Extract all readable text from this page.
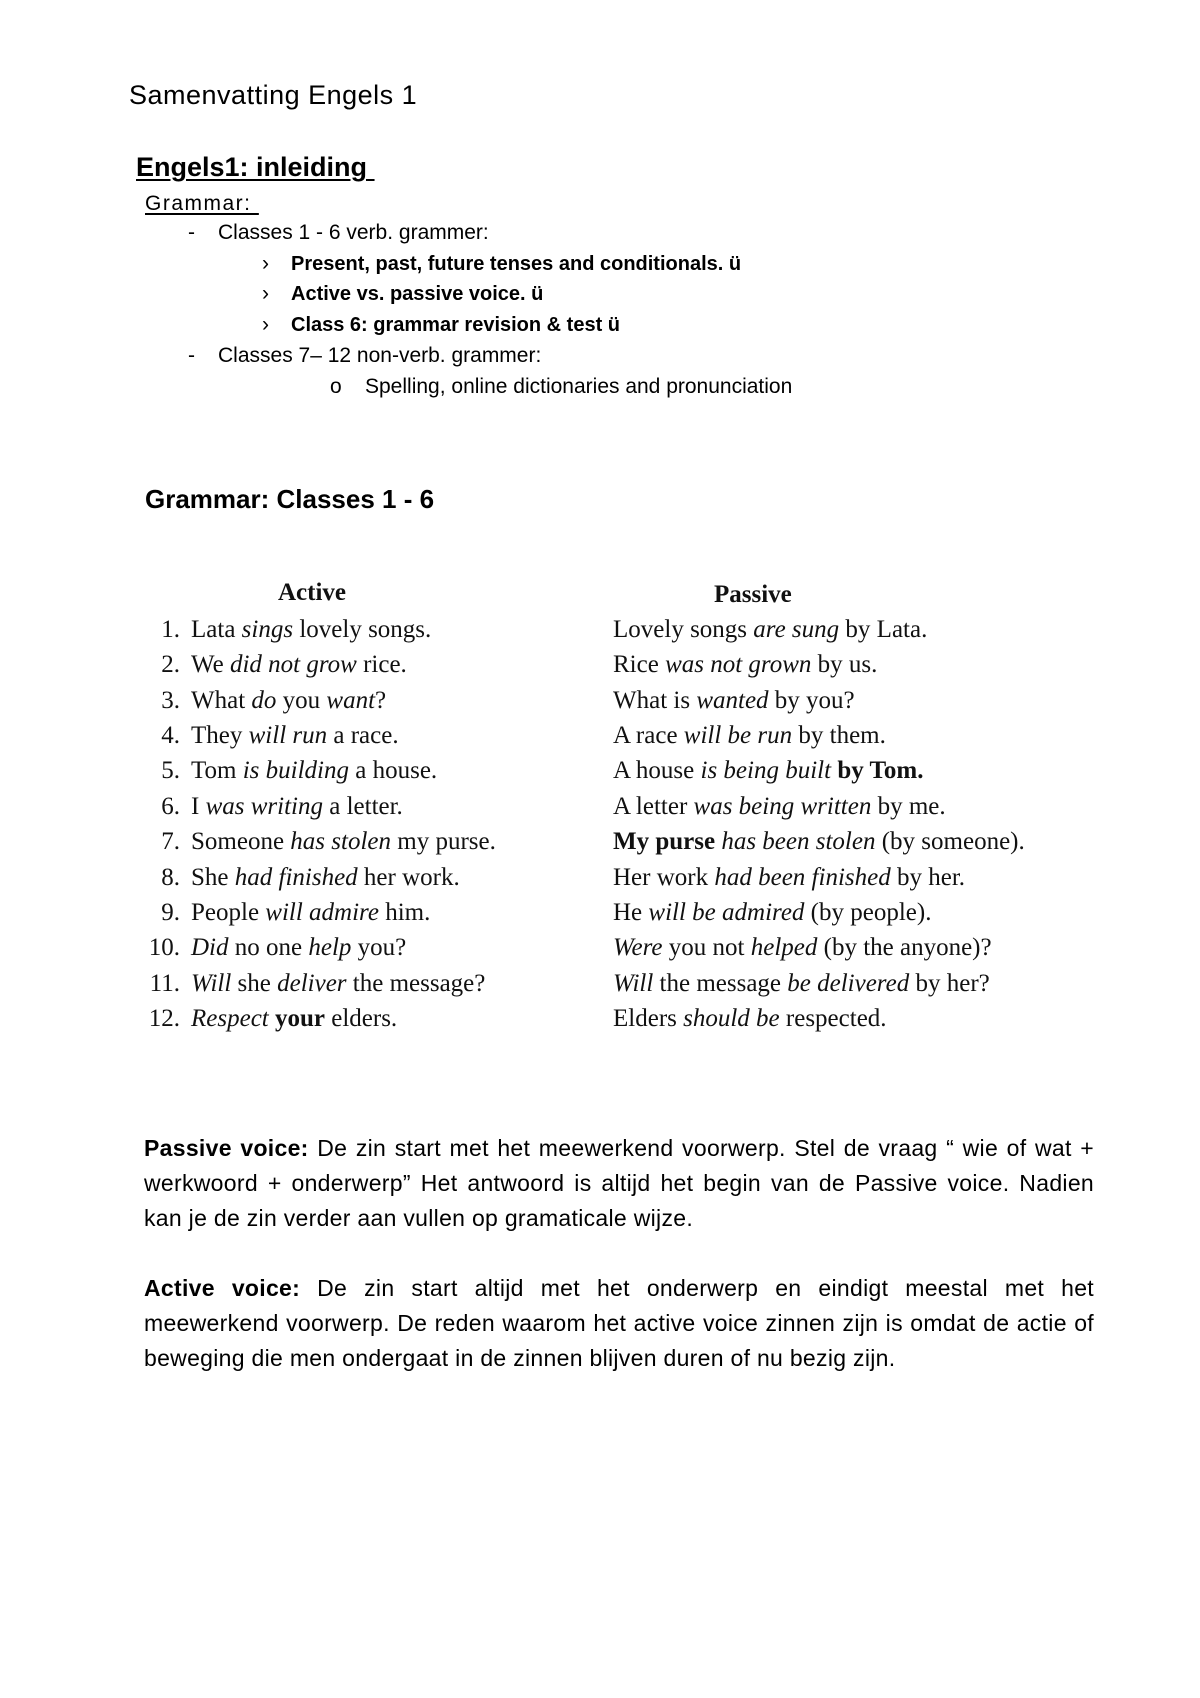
Samenvatting Engels 1
Engels1: inleiding
Grammar:
- Classes 1 - 6 verb. grammer:
› Present, past, future tenses and conditionals. ü
› Active vs. passive voice. ü
› Class 6: grammar revision & test ü
- Classes 7– 12 non-verb. grammer:
o Spelling, online dictionaries and pronunciation
Grammar: Classes 1 - 6
Active	Passive
1. Lata sings lovely songs.	Lovely songs are sung by Lata.
2. We did not grow rice.	Rice was not grown by us.
3. What do you want?	What is wanted by you?
4. They will run a race.	A race will be run by them.
5. Tom is building a house.	A house is being built by Tom.
6. I was writing a letter.	A letter was being written by me.
7. Someone has stolen my purse.	My purse has been stolen (by someone).
8. She had finished her work.	Her work had been finished by her.
9. People will admire him.	He will be admired (by people).
10. Did no one help you?	Were you not helped (by the anyone)?
11. Will she deliver the message?	Will the message be delivered by her?
12. Respect your elders.	Elders should be respected.

Passive voice: De zin start met het meewerkend voorwerp. Stel de vraag “ wie of wat + werkwoord + onderwerp” Het antwoord is altijd het begin van de Passive voice. Nadien kan je de zin verder aan vullen op gramaticale wijze.

Active voice: De zin start altijd met het onderwerp en eindigt meestal met het meewerkend voorwerp. De reden waarom het active voice zinnen zijn is omdat de actie of beweging die men ondergaat in de zinnen blijven duren of nu bezig zijn.
